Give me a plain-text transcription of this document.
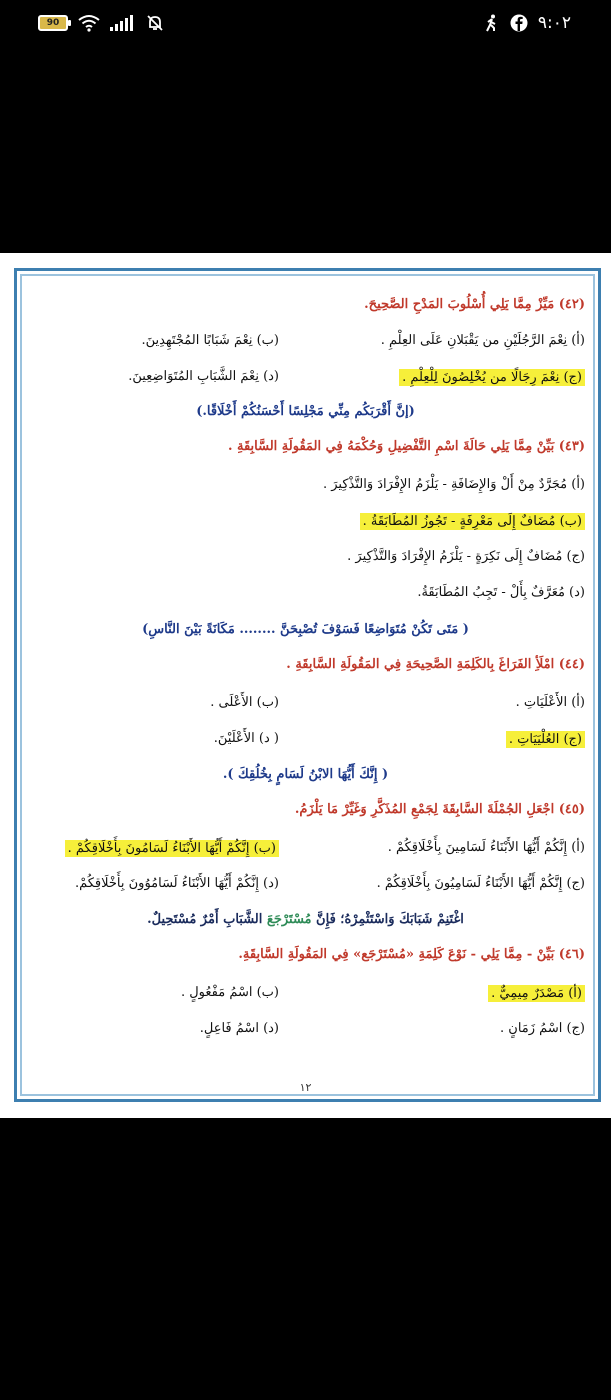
90	٩:٠٢
١٢
(٤٢) مَيِّزْ مِمَّا يَلِي أُسْلُوبَ المَدْحِ الصَّحِيحَ.
(أ) نِعْمَ الرَّجُلَيْنِ من يَقْبَلانِ عَلَى العِلْمِ .
(ب) نِعْمَ شَبَابًا المُجْتَهِدِينَ.
(ج) نِعْمَ رِجَالًا من يُخْلِصُونَ لِلْعِلْمِ .
(د) نِعْمَ الشَّبَابِ المُتَوَاضِعِينَ.
(إنَّ أَقْرَبَكُم مِنِّي مَجْلِسًا أَحْسَنُكُمْ أَخْلَاقًا.)
(٤٣) بَيِّنْ مِمَّا يَلِي حَالَةَ اسْمِ التَّفْضِيلِ وَحُكْمَهُ فِي المَقُولَةِ السَّابِقَةِ .
(أ) مُجَرَّدٌ مِنْ أَلْ وَالإِضَافَةِ - يَلْزَمُ الإِفْرَادَ وَالتَّذْكِيرَ .
(ب) مُضَافٌ إِلَى مَعْرِفَةٍ - تَجُوزُ المُطَابَقَةُ .
(ج) مُضَافٌ إِلَى نَكِرَةٍ - يَلْزَمُ الإِفْرَادَ وَالتَّذْكِيرَ .
(د) مُعَرَّفٌ بِأَلْ - تَجِبُ المُطَابَقَةُ.
( مَتَى تَكُنْ مُتَوَاضِعًا فَسَوْفَ تُصْبِحَنَّ ........ مَكَانَةً بَيْنَ النَّاسِ)
(٤٤) امْلَأِ الفَرَاغَ بِالكَلِمَةِ الصَّحِيحَةِ فِي المَقُولَةِ السَّابِقَةِ .
(أ) الأَعْلَيَاتِ .
(ب) الأَعْلَى .
(ج) العُلْيَيَاتِ .
( د) الأَعْلَيْنَ.
( إِنَّكَ أَيُّهَا الابْنُ لَسَامٍ بِخُلُقِكَ ).
(٤٥) اجْعَلِ الجُمْلَةَ السَّابِقَةَ لِجَمْعِ المُذَكَّرِ وَغَيِّرْ مَا يَلْزَمُ.
(أ) إِنَّكُمْ أَيُّهَا الأَبْنَاءُ لَسَامِينَ بِأَخْلَاقِكُمْ .
(ب) إِنَّكُمْ أَيُّهَا الأَبْنَاءُ لَسَامُونَ بِأَخْلَاقِكُمْ .
(ج) إِنَّكُمْ أَيُّهَا الأَبْنَاءُ لَسَامِيُونَ بِأَخْلَاقِكُمْ .
(د) إِنَّكُمْ أَيُّهَا الأَبْنَاءُ لَسَامُوُونَ بِأَخْلَاقِكُمْ.
اغْتَنِمْ شَبَابَكَ وَاسْتَثْمِرْهُ؛ فَإِنَّ مُسْتَرْجَعَ الشَّبَابِ أَمْرٌ مُسْتَحِيلٌ.
(٤٦) بَيِّنْ - مِمَّا يَلِي - نَوْعَ كَلِمَةِ «مُسْتَرْجَع» فِي المَقُولَةِ السَّابِقَةِ.
(أ) مَصْدَرٌ مِيمِيٌّ .
(ب) اسْمُ مَفْعُولٍ .
(ج) اسْمُ زَمَانٍ .
(د) اسْمُ فَاعِلٍ.
